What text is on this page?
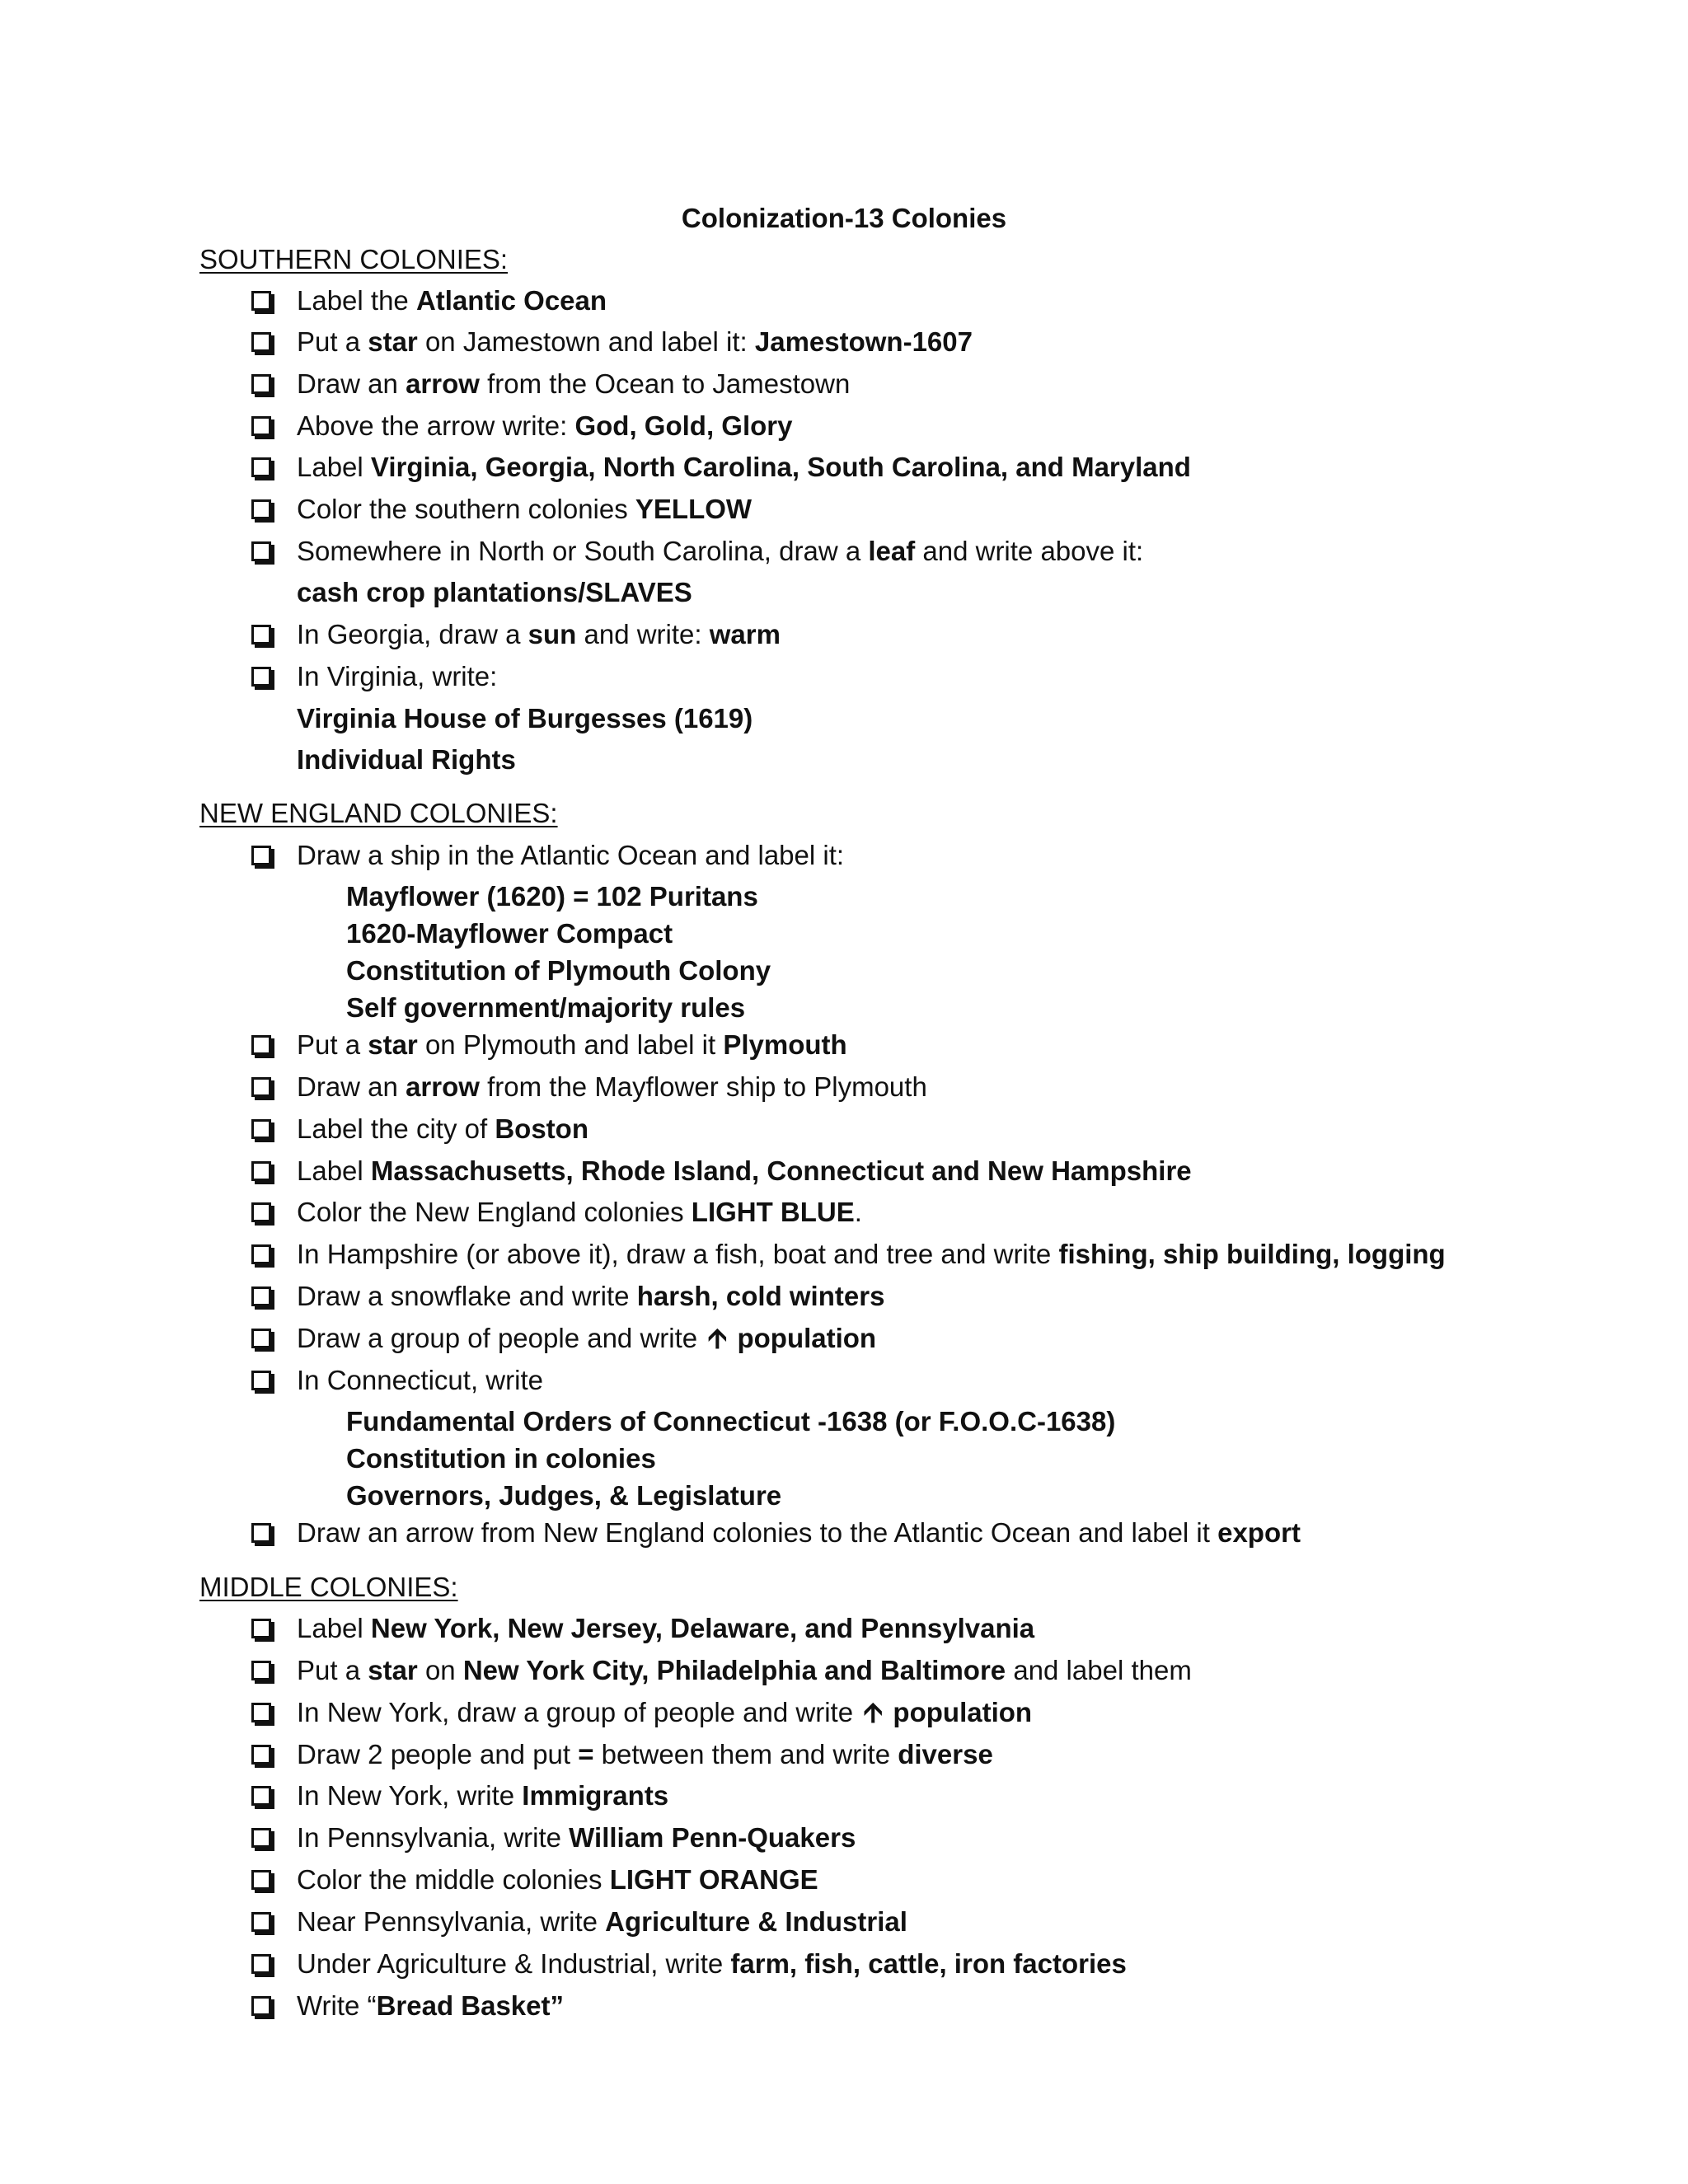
Colonization-13 Colonies
SOUTHERN COLONIES:
Label the Atlantic Ocean
Put a star on Jamestown and label it: Jamestown-1607
Draw an arrow from the Ocean to Jamestown
Above the arrow write: God, Gold, Glory
Label Virginia, Georgia, North Carolina, South Carolina, and Maryland
Color the southern colonies YELLOW
Somewhere in North or South Carolina, draw a leaf and write above it:
cash crop plantations/SLAVES
In Georgia, draw a sun and write: warm
In Virginia, write:
Virginia House of Burgesses (1619)
Individual Rights
NEW ENGLAND COLONIES:
Draw a ship in the Atlantic Ocean and label it:
Mayflower (1620) = 102 Puritans
1620-Mayflower Compact
Constitution of Plymouth Colony
Self government/majority rules
Put a star on Plymouth and label it Plymouth
Draw an arrow from the Mayflower ship to Plymouth
Label the city of Boston
Label Massachusetts, Rhode Island, Connecticut and New Hampshire
Color the New England colonies LIGHT BLUE.
In Hampshire (or above it), draw a fish, boat and tree and write fishing, ship building, logging
Draw a snowflake and write harsh, cold winters
Draw a group of people and write 🡩 population
In Connecticut, write
Fundamental Orders of Connecticut -1638 (or F.O.O.C-1638)
Constitution in colonies
Governors, Judges, & Legislature
Draw an arrow from New England colonies to the Atlantic Ocean and label it export
MIDDLE COLONIES:
Label New York, New Jersey, Delaware, and Pennsylvania
Put a star on New York City, Philadelphia and Baltimore and label them
In New York, draw a group of people and write 🡩 population
Draw 2 people and put = between them and write diverse
In New York, write Immigrants
In Pennsylvania, write William Penn-Quakers
Color the middle colonies LIGHT ORANGE
Near Pennsylvania, write Agriculture & Industrial
Under Agriculture & Industrial, write farm, fish, cattle, iron factories
Write “Bread Basket”
